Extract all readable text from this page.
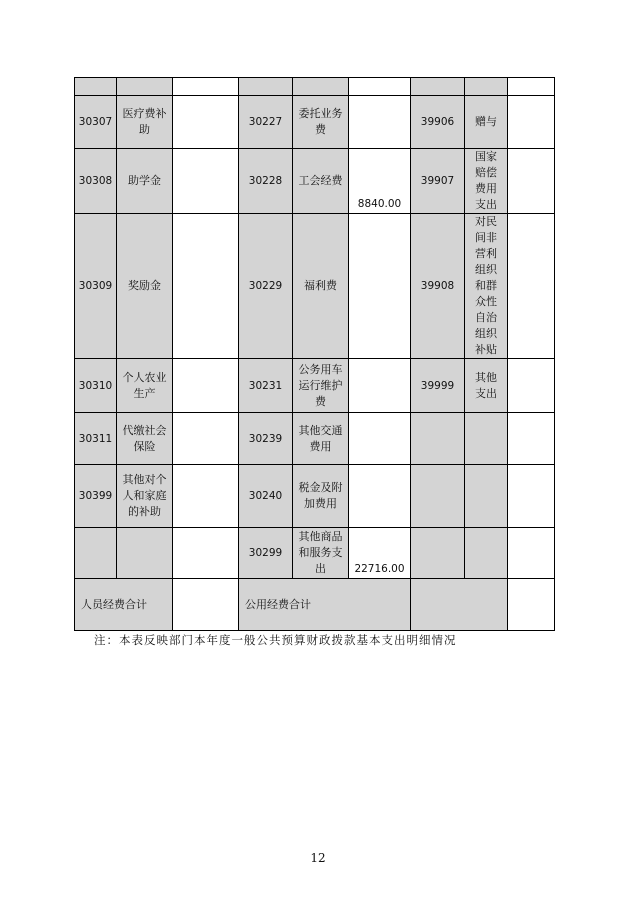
30307	医疗费补助		30227	委托业务费		39906	赠与	
30308	助学金		30228	工会经费	8840.00	39907	国家赔偿费用支出	
30309	奖励金		30229	福利费		39908	对民间非营利组织和群众性自治组织补贴	
30310	个人农业生产		30231	公务用车运行维护费		39999	其他支出	
30311	代缴社会保险		30239	其他交通费用				
30399	其他对个人和家庭的补助		30240	税金及附加费用				
			30299	其他商品和服务支出	22716.00			
人员经费合计			公用经费合计					
注：本表反映部门本年度一般公共预算财政拨款基本支出明细情况
12
